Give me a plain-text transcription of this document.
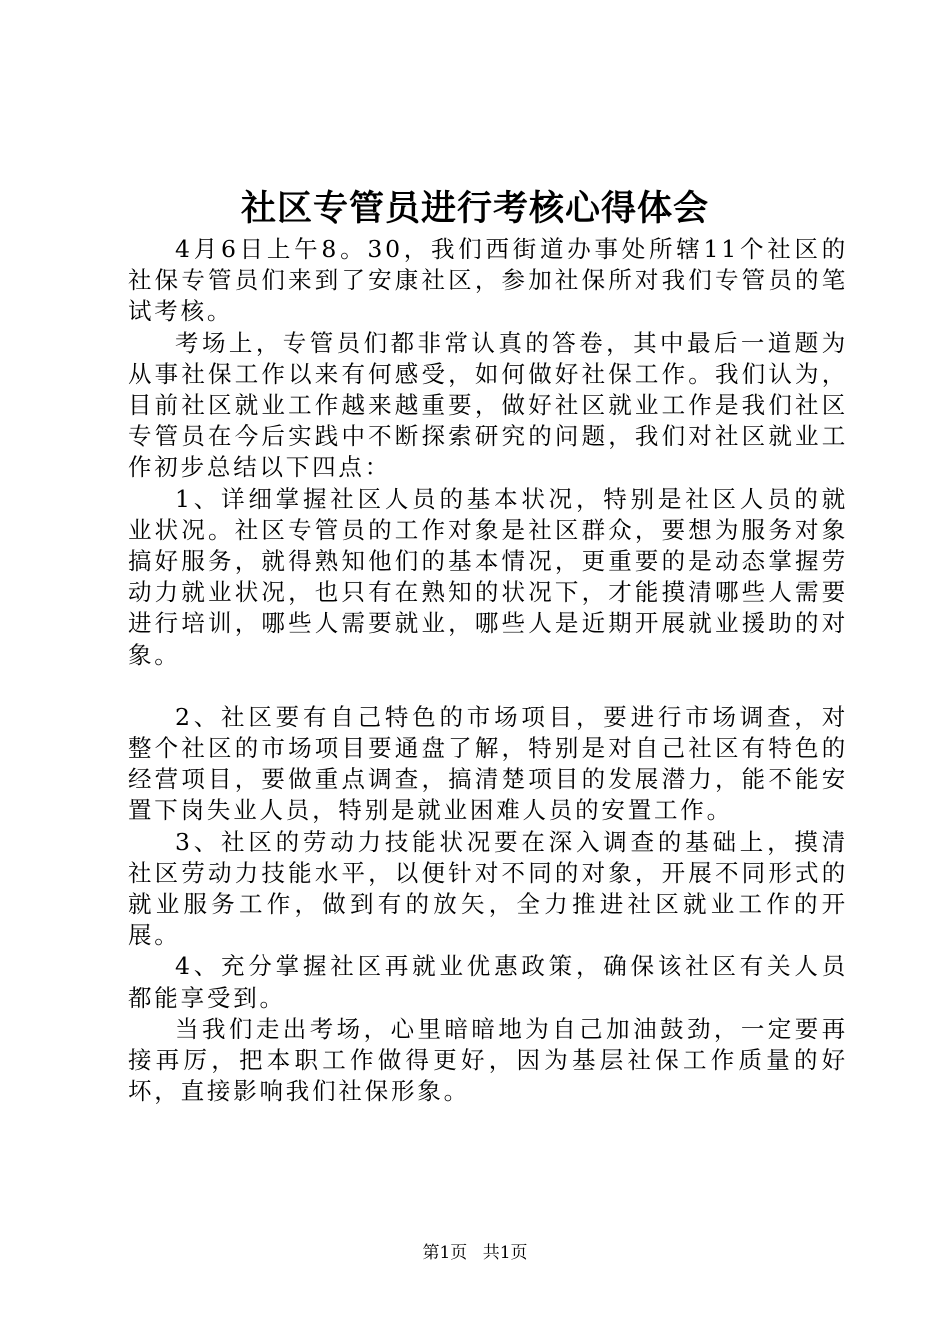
社区专管员进行考核心得体会

4月6日上午8。30，我们西街道办事处所辖11个社区的社保专管员们来到了安康社区，参加社保所对我们专管员的笔试考核。

考场上，专管员们都非常认真的答卷，其中最后一道题为从事社保工作以来有何感受，如何做好社保工作。我们认为，目前社区就业工作越来越重要，做好社区就业工作是我们社区专管员在今后实践中不断探索研究的问题，我们对社区就业工作初步总结以下四点：

1、详细掌握社区人员的基本状况，特别是社区人员的就业状况。社区专管员的工作对象是社区群众，要想为服务对象搞好服务，就得熟知他们的基本情况，更重要的是动态掌握劳动力就业状况，也只有在熟知的状况下，才能摸清哪些人需要进行培训，哪些人需要就业，哪些人是近期开展就业援助的对象。

2、社区要有自己特色的市场项目，要进行市场调查，对整个社区的市场项目要通盘了解，特别是对自己社区有特色的经营项目，要做重点调查，搞清楚项目的发展潜力，能不能安置下岗失业人员，特别是就业困难人员的安置工作。

3、社区的劳动力技能状况要在深入调查的基础上，摸清社区劳动力技能水平，以便针对不同的对象，开展不同形式的就业服务工作，做到有的放矢，全力推进社区就业工作的开展。

4、充分掌握社区再就业优惠政策，确保该社区有关人员都能享受到。

当我们走出考场，心里暗暗地为自己加油鼓劲，一定要再接再厉，把本职工作做得更好，因为基层社保工作质量的好坏，直接影响我们社保形象。

第1页 共1页
